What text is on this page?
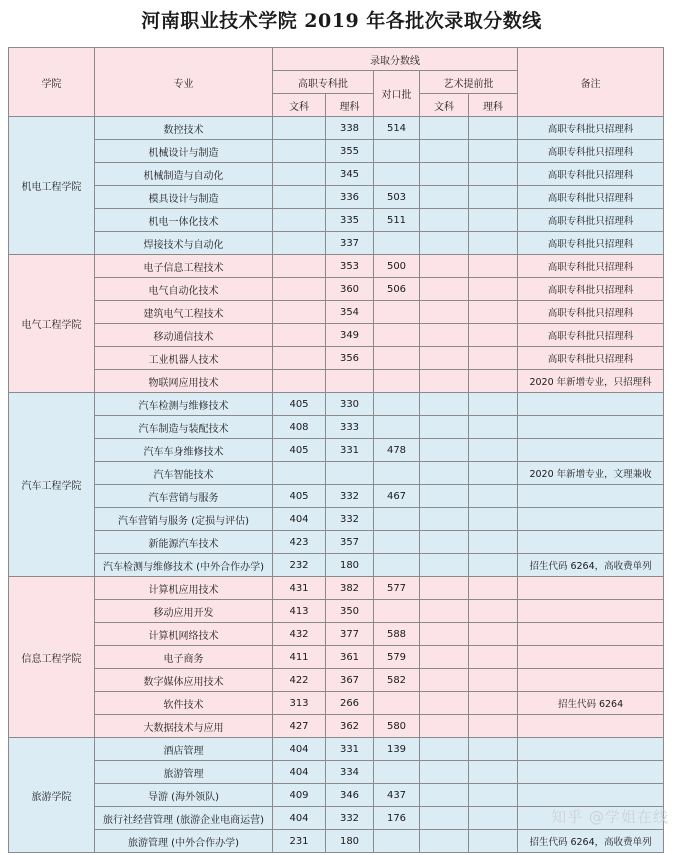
河南职业技术学院 2019 年各批次录取分数线
学院	专业	录取分数线					备注
		高职专科批		对口批	艺术提前批		
		文科	理科		文科	理科	
机电工程学院	数控技术		338	514			高职专科批只招理科
	机械设计与制造		355				高职专科批只招理科
	机械制造与自动化		345				高职专科批只招理科
	模具设计与制造		336	503			高职专科批只招理科
	机电一体化技术		335	511			高职专科批只招理科
	焊接技术与自动化		337				高职专科批只招理科
电气工程学院	电子信息工程技术		353	500			高职专科批只招理科
	电气自动化技术		360	506			高职专科批只招理科
	建筑电气工程技术		354				高职专科批只招理科
	移动通信技术		349				高职专科批只招理科
	工业机器人技术		356				高职专科批只招理科
	物联网应用技术						2020 年新增专业，只招理科
汽车工程学院	汽车检测与维修技术	405	330				
	汽车制造与装配技术	408	333				
	汽车车身维修技术	405	331	478			
	汽车智能技术						2020 年新增专业，文理兼收
	汽车营销与服务	405	332	467			
	汽车营销与服务 (定损与评估)	404	332				
	新能源汽车技术	423	357				
	汽车检测与维修技术 (中外合作办学)	232	180				招生代码 6264，高收费单列
信息工程学院	计算机应用技术	431	382	577			
	移动应用开发	413	350				
	计算机网络技术	432	377	588			
	电子商务	411	361	579			
	数字媒体应用技术	422	367	582			
	软件技术	313	266				招生代码 6264
	大数据技术与应用	427	362	580			
旅游学院	酒店管理	404	331	139			
	旅游管理	404	334				
	导游 (海外领队)	409	346	437			
	旅行社经营管理 (旅游企业电商运营)	404	332	176			
	旅游管理 (中外合作办学)	231	180				招生代码 6264，高收费单列
知乎 @学姐在线
